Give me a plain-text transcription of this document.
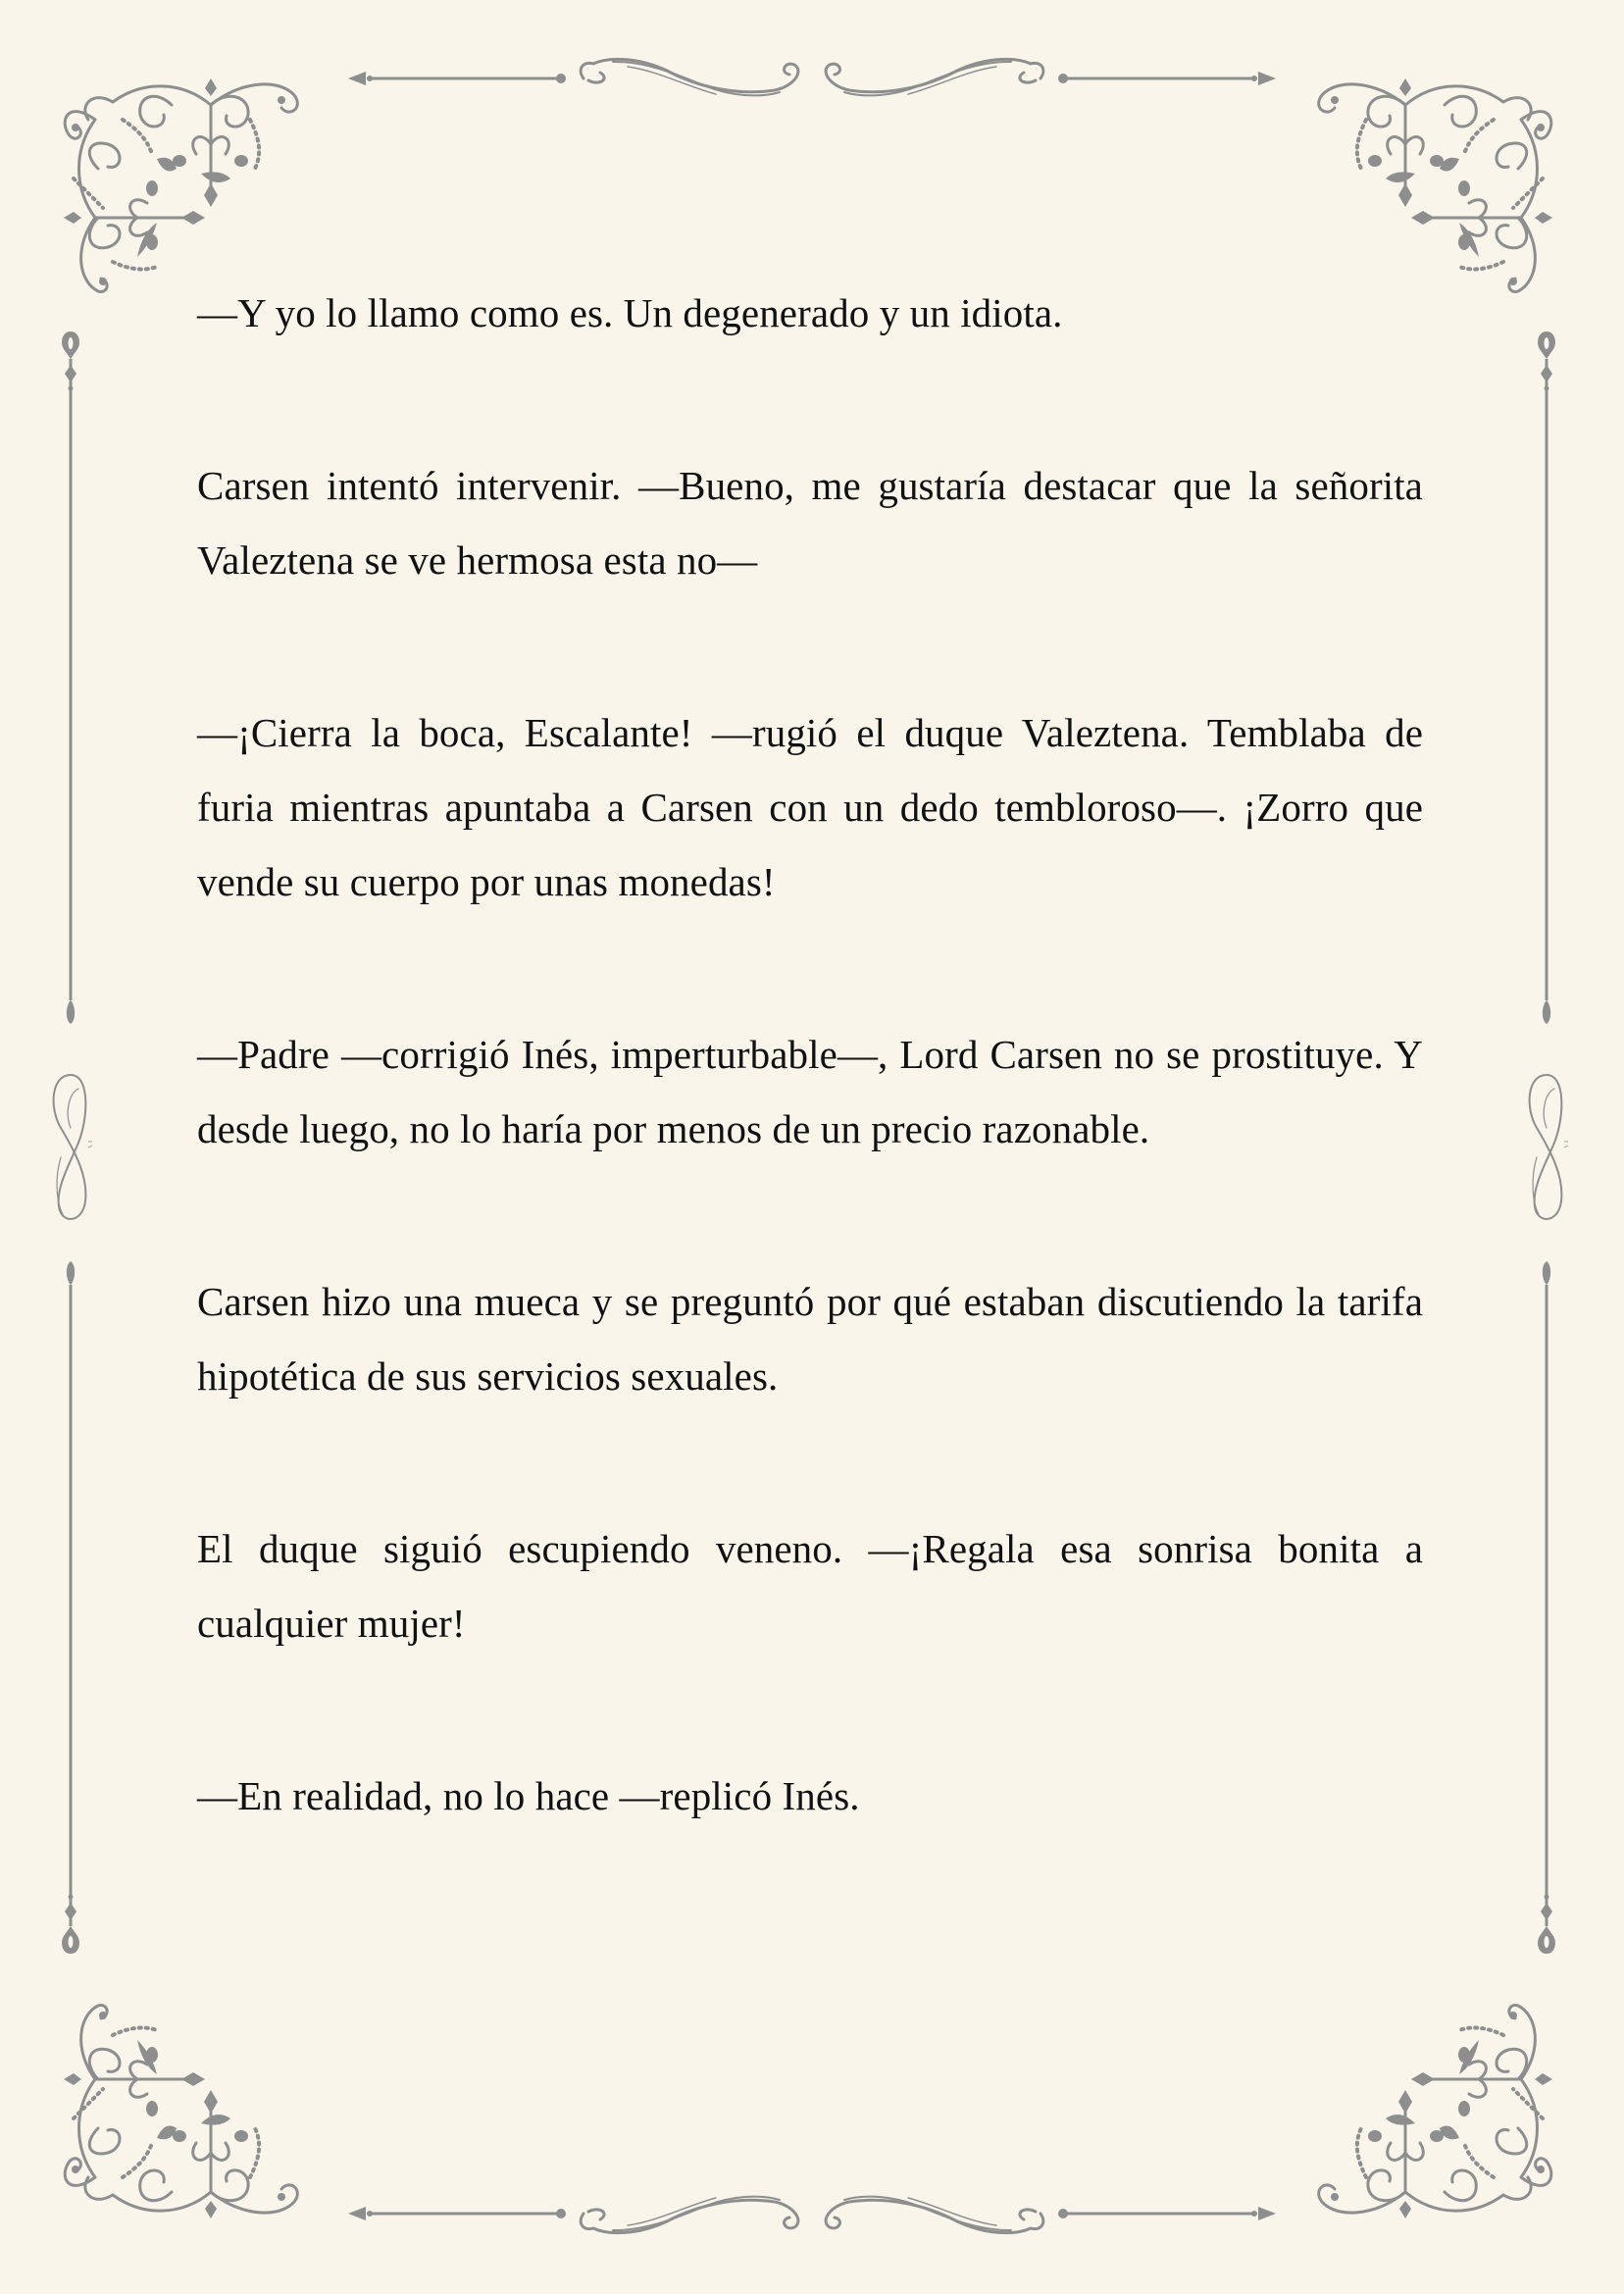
—Y yo lo llamo como es. Un degenerado y un idiota.

Carsen intentó intervenir. —Bueno, me gustaría destacar que la señorita Valeztena se ve hermosa esta no—

—¡Cierra la boca, Escalante! —rugió el duque Valeztena. Temblaba de furia mientras apuntaba a Carsen con un dedo tembloroso—. ¡Zorro que vende su cuerpo por unas monedas!

—Padre —corrigió Inés, imperturbable—, Lord Carsen no se prostituye. Y desde luego, no lo haría por menos de un precio razonable.

Carsen hizo una mueca y se preguntó por qué estaban discutiendo la tarifa hipotética de sus servicios sexuales.

El duque siguió escupiendo veneno. —¡Regala esa sonrisa bonita a cualquier mujer!

—En realidad, no lo hace —replicó Inés.
